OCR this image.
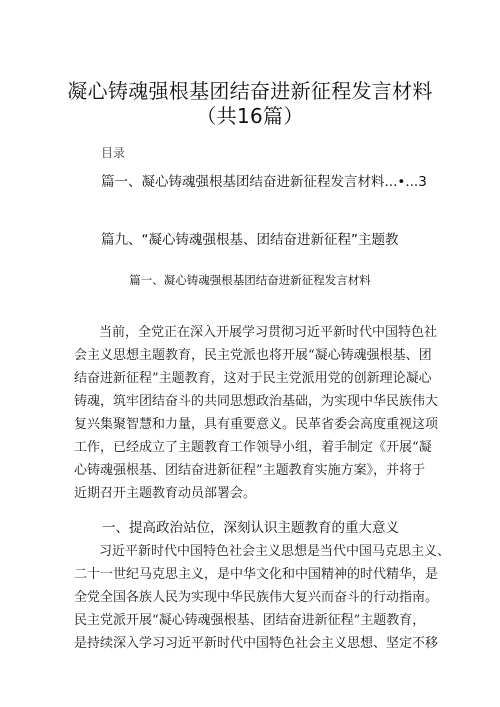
凝心铸魂强根基团结奋进新征程发言材料
（共16篇）
目录
篇一、凝心铸魂强根基团结奋进新征程发言材料...•...3
篇九、“凝心铸魂强根基、团结奋进新征程”主题教
篇一、凝心铸魂强根基团结奋进新征程发言材料
当前，全党正在深入开展学习贯彻习近平新时代中国特色社
会主义思想主题教育，民主党派也将开展“凝心铸魂强根基、团
结奋进新征程”主题教育，这对于民主党派用党的创新理论凝心
铸魂，筑牢团结奋斗的共同思想政治基础，为实现中华民族伟大
复兴集聚智慧和力量，具有重要意义。民革省委会高度重视这项
工作，已经成立了主题教育工作领导小组，着手制定《开展“凝
心铸魂强根基、团结奋进新征程”主题教育实施方案》，并将于
近期召开主题教育动员部署会。
一、提高政治站位，深刻认识主题教育的重大意义
习近平新时代中国特色社会主义思想是当代中国马克思主义、
二十一世纪马克思主义，是中华文化和中国精神的时代精华，是
全党全国各族人民为实现中华民族伟大复兴而奋斗的行动指南。
民主党派开展“凝心铸魂强根基、团结奋进新征程”主题教育，
是持续深入学习习近平新时代中国特色社会主义思想、坚定不移
